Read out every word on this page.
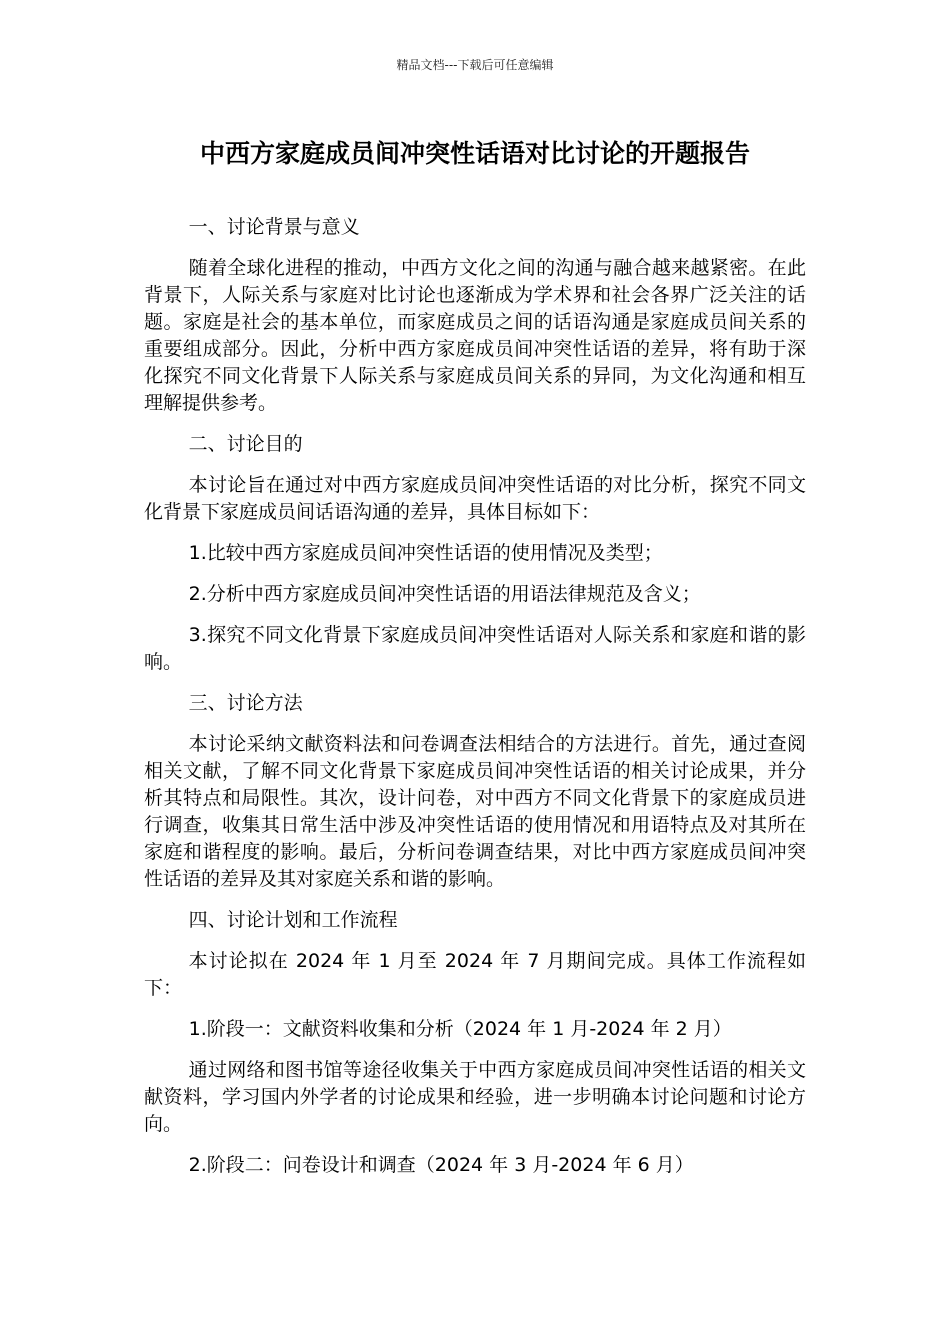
精品文档---下载后可任意编辑
中西方家庭成员间冲突性话语对比讨论的开题报告

一、讨论背景与意义

随着全球化进程的推动，中西方文化之间的沟通与融合越来越紧密。在此背景下，人际关系与家庭对比讨论也逐渐成为学术界和社会各界广泛关注的话题。家庭是社会的基本单位，而家庭成员之间的话语沟通是家庭成员间关系的重要组成部分。因此，分析中西方家庭成员间冲突性话语的差异，将有助于深化探究不同文化背景下人际关系与家庭成员间关系的异同，为文化沟通和相互理解提供参考。

二、讨论目的

本讨论旨在通过对中西方家庭成员间冲突性话语的对比分析，探究不同文化背景下家庭成员间话语沟通的差异，具体目标如下：

1.比较中西方家庭成员间冲突性话语的使用情况及类型；

2.分析中西方家庭成员间冲突性话语的用语法律规范及含义；

3.探究不同文化背景下家庭成员间冲突性话语对人际关系和家庭和谐的影响。

三、讨论方法

本讨论采纳文献资料法和问卷调查法相结合的方法进行。首先，通过查阅相关文献，了解不同文化背景下家庭成员间冲突性话语的相关讨论成果，并分析其特点和局限性。其次，设计问卷，对中西方不同文化背景下的家庭成员进行调查，收集其日常生活中涉及冲突性话语的使用情况和用语特点及对其所在家庭和谐程度的影响。最后，分析问卷调查结果，对比中西方家庭成员间冲突性话语的差异及其对家庭关系和谐的影响。

四、讨论计划和工作流程

本讨论拟在 2024 年 1 月至 2024 年 7 月期间完成。具体工作流程如下：

1.阶段一：文献资料收集和分析（2024 年 1 月-2024 年 2 月）

通过网络和图书馆等途径收集关于中西方家庭成员间冲突性话语的相关文献资料，学习国内外学者的讨论成果和经验，进一步明确本讨论问题和讨论方向。

2.阶段二：问卷设计和调查（2024 年 3 月-2024 年 6 月）
